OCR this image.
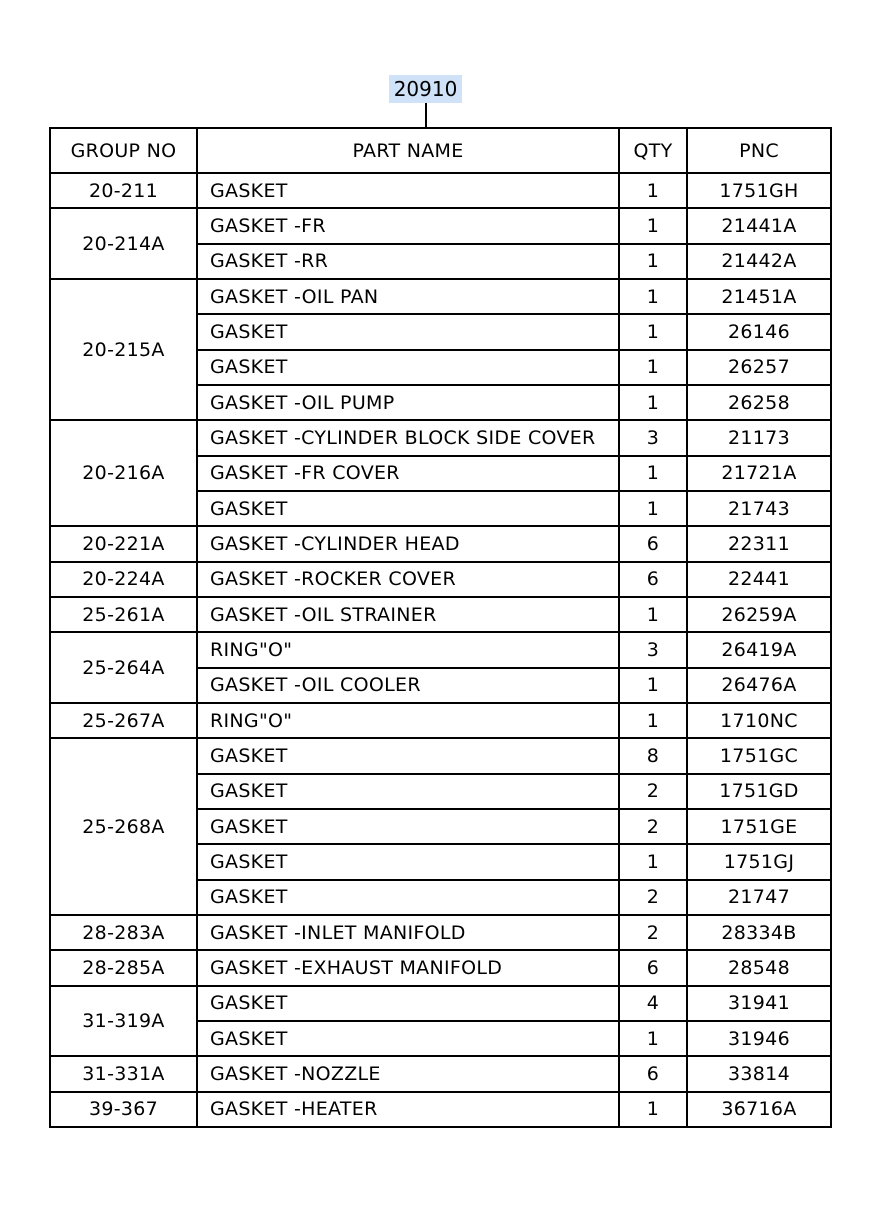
20910
GROUP NO	PART NAME	QTY	PNC
20-211	GASKET	1	1751GH
20-214A	GASKET -FR	1	21441A
	GASKET -RR	1	21442A
20-215A	GASKET -OIL PAN	1	21451A
	GASKET	1	26146
	GASKET	1	26257
	GASKET -OIL PUMP	1	26258
20-216A	GASKET -CYLINDER BLOCK SIDE COVER	3	21173
	GASKET -FR COVER	1	21721A
	GASKET	1	21743
20-221A	GASKET -CYLINDER HEAD	6	22311
20-224A	GASKET -ROCKER COVER	6	22441
25-261A	GASKET -OIL STRAINER	1	26259A
25-264A	RING"O"	3	26419A
	GASKET -OIL COOLER	1	26476A
25-267A	RING"O"	1	1710NC
25-268A	GASKET	8	1751GC
	GASKET	2	1751GD
	GASKET	2	1751GE
	GASKET	1	1751GJ
	GASKET	2	21747
28-283A	GASKET -INLET MANIFOLD	2	28334B
28-285A	GASKET -EXHAUST MANIFOLD	6	28548
31-319A	GASKET	4	31941
	GASKET	1	31946
31-331A	GASKET -NOZZLE	6	33814
39-367	GASKET -HEATER	1	36716A
